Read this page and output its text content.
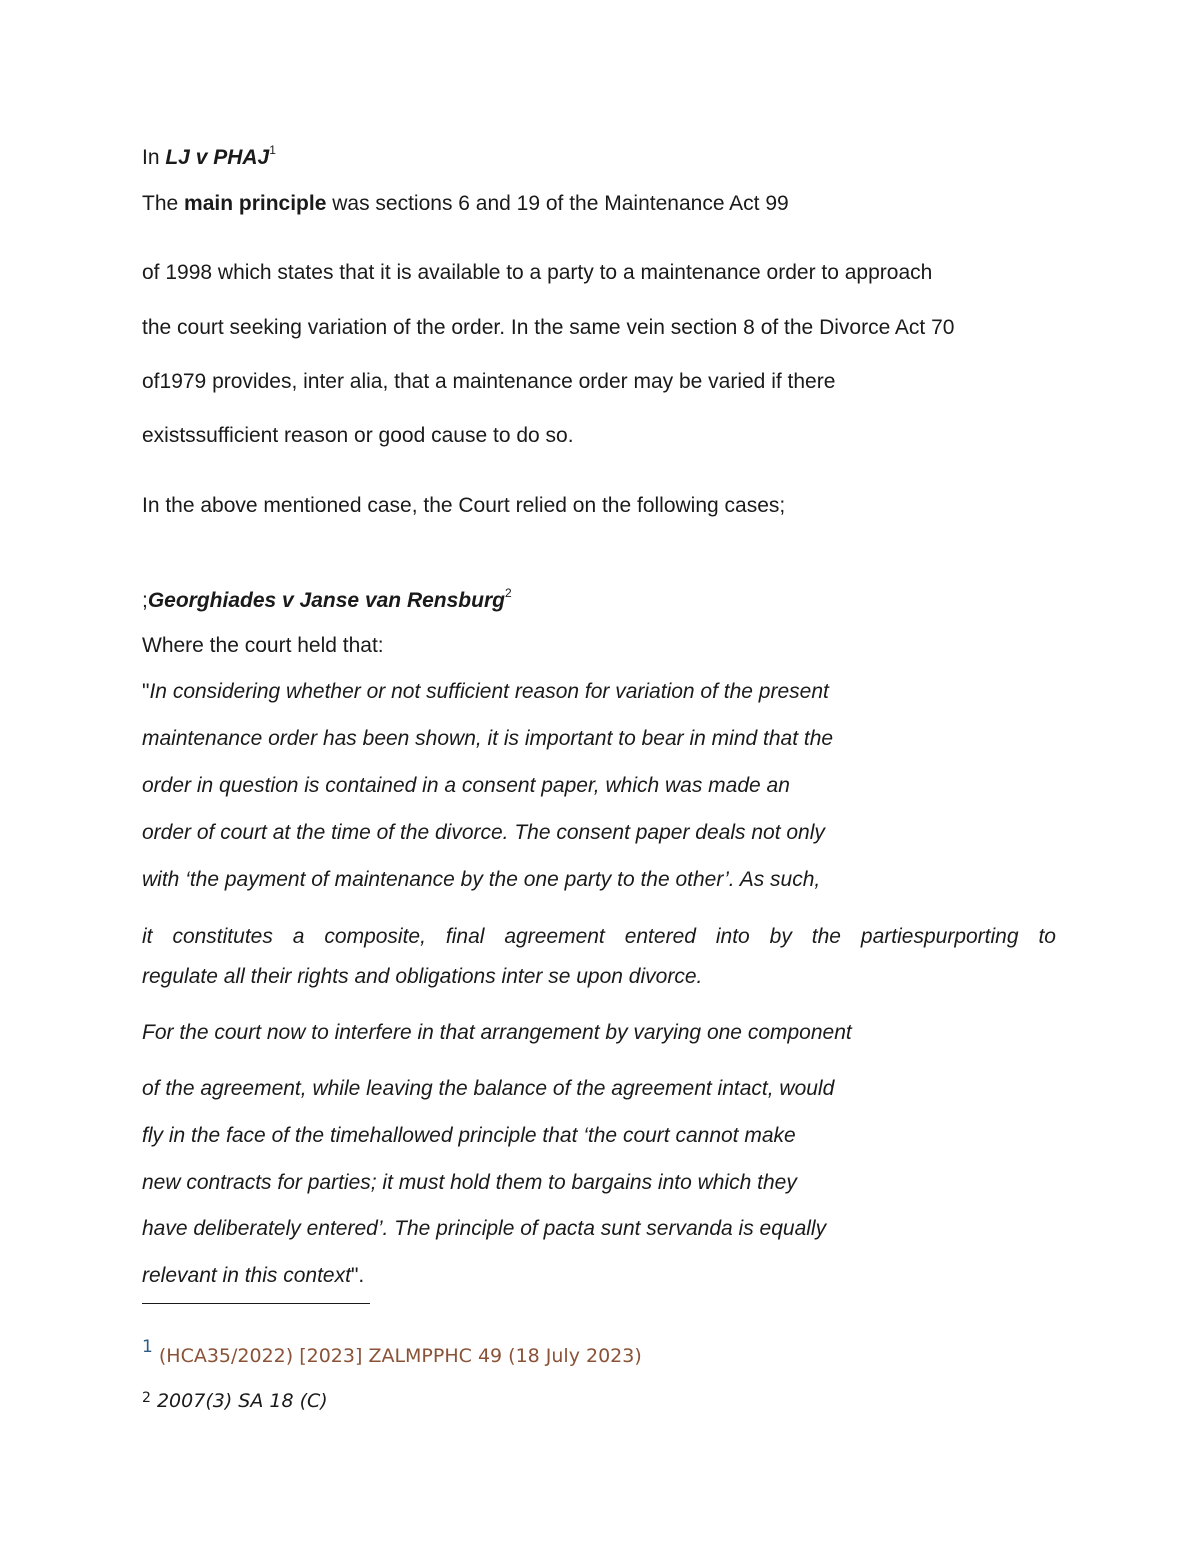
In LJ v PHAJ$^1$
The main principle was sections 6 and 19 of the Maintenance Act 99
of 1998 which states that it is available to a party to a maintenance order to approach
the court seeking variation of the order. In the same vein section 8 of the Divorce Act 70
of1979 provides, inter alia, that a maintenance order may be varied if there
existssufficient reason or good cause to do so.
In the above mentioned case, the Court relied on the following cases;
;Georghiades v Janse van Rensburg$^2$
Where the court held that:
"In considering whether or not sufficient reason for variation of the present
maintenance order has been shown, it is important to bear in mind that the
order in question is contained in a consent paper, which was made an
order of court at the time of the divorce. The consent paper deals not only
with ‘the payment of maintenance by the one party to the other’. As such,
it constitutes a composite, final agreement entered into by the partiespurporting to
regulate all their rights and obligations inter se upon divorce.
For the court now to interfere in that arrangement by varying one component
of the agreement, while leaving the balance of the agreement intact, would
fly in the face of the timehallowed principle that ‘the court cannot make
new contracts for parties; it must hold them to bargains into which they
have deliberately entered’. The principle of pacta sunt servanda is equally
relevant in this context".
1 (HCA35/2022) [2023] ZALMPPHC 49 (18 July 2023)
$^2$ 2007(3) SA 18 (C)
